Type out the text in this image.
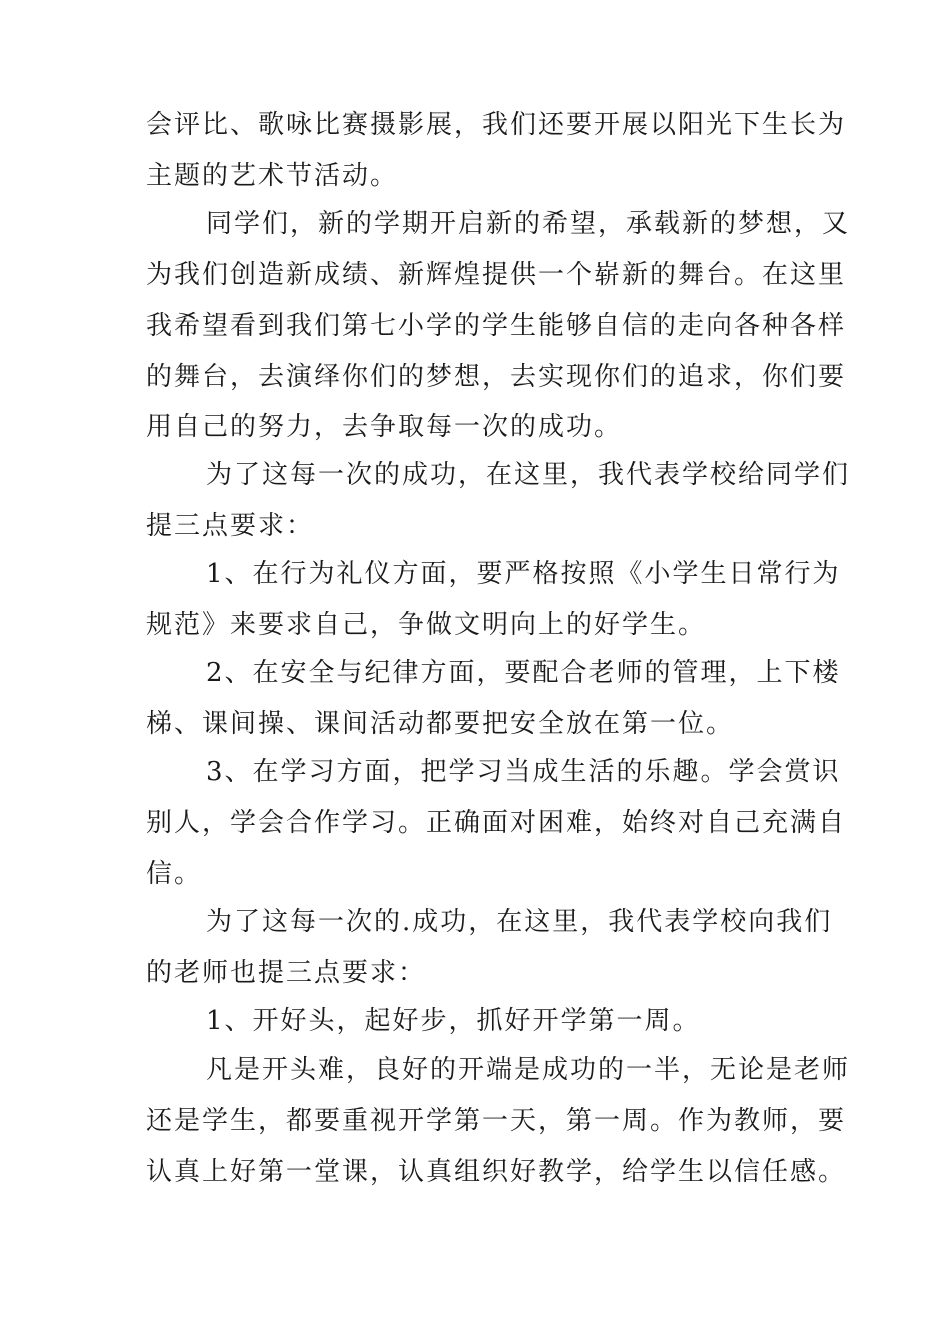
会评比、歌咏比赛摄影展，我们还要开展以阳光下生长为
主题的艺术节活动。
同学们，新的学期开启新的希望，承载新的梦想，又
为我们创造新成绩、新辉煌提供一个崭新的舞台。在这里
我希望看到我们第七小学的学生能够自信的走向各种各样
的舞台，去演绎你们的梦想，去实现你们的追求，你们要
用自己的努力，去争取每一次的成功。
为了这每一次的成功，在这里，我代表学校给同学们
提三点要求：
1、在行为礼仪方面，要严格按照《小学生日常行为
规范》来要求自己，争做文明向上的好学生。
2、在安全与纪律方面，要配合老师的管理，上下楼
梯、课间操、课间活动都要把安全放在第一位。
3、在学习方面，把学习当成生活的乐趣。学会赏识
别人，学会合作学习。正确面对困难，始终对自己充满自
信。
为了这每一次的.成功，在这里，我代表学校向我们
的老师也提三点要求：
1、开好头，起好步，抓好开学第一周。
凡是开头难，良好的开端是成功的一半，无论是老师
还是学生，都要重视开学第一天，第一周。作为教师，要
认真上好第一堂课，认真组织好教学，给学生以信任感。
